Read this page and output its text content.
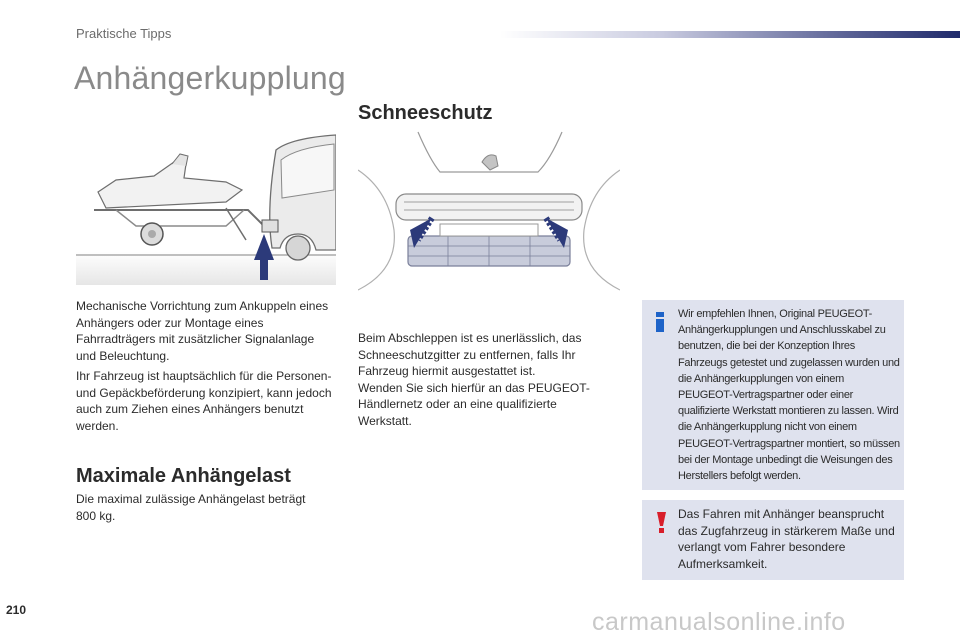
Praktische Tipps
Anhängerkupplung
Mechanische Vorrichtung zum Ankuppeln eines Anhängers oder zur Montage eines Fahrradträgers mit zusätzlicher Signalanlage und Beleuchtung.
Ihr Fahrzeug ist hauptsächlich für die Personen- und Gepäckbeförderung konzipiert, kann jedoch auch zum Ziehen eines Anhängers benutzt werden.
Maximale Anhängelast
Die maximal zulässige Anhängelast beträgt 800 kg.
Schneeschutz
Beim Abschleppen ist es unerlässlich, das Schneeschutzgitter zu entfernen, falls Ihr Fahrzeug hiermit ausgestattet ist.
Wenden Sie sich hierfür an das PEUGEOT-Händlernetz oder an eine qualifizierte Werkstatt.
Wir empfehlen Ihnen, Original PEUGEOT-Anhängerkupplungen und Anschlusskabel zu benutzen, die bei der Konzeption Ihres Fahrzeugs getestet und zugelassen wurden und die Anhängerkupplungen von einem PEUGEOT-Vertragspartner oder einer qualifizierte Werkstatt montieren zu lassen. Wird die Anhängerkupplung nicht von einem PEUGEOT-Vertragspartner montiert, so müssen bei der Montage unbedingt die Weisungen des Herstellers befolgt werden.
Das Fahren mit Anhänger beansprucht das Zugfahrzeug in stärkerem Maße und verlangt vom Fahrer besondere Aufmerksamkeit.
210	carmanualsonline.info
